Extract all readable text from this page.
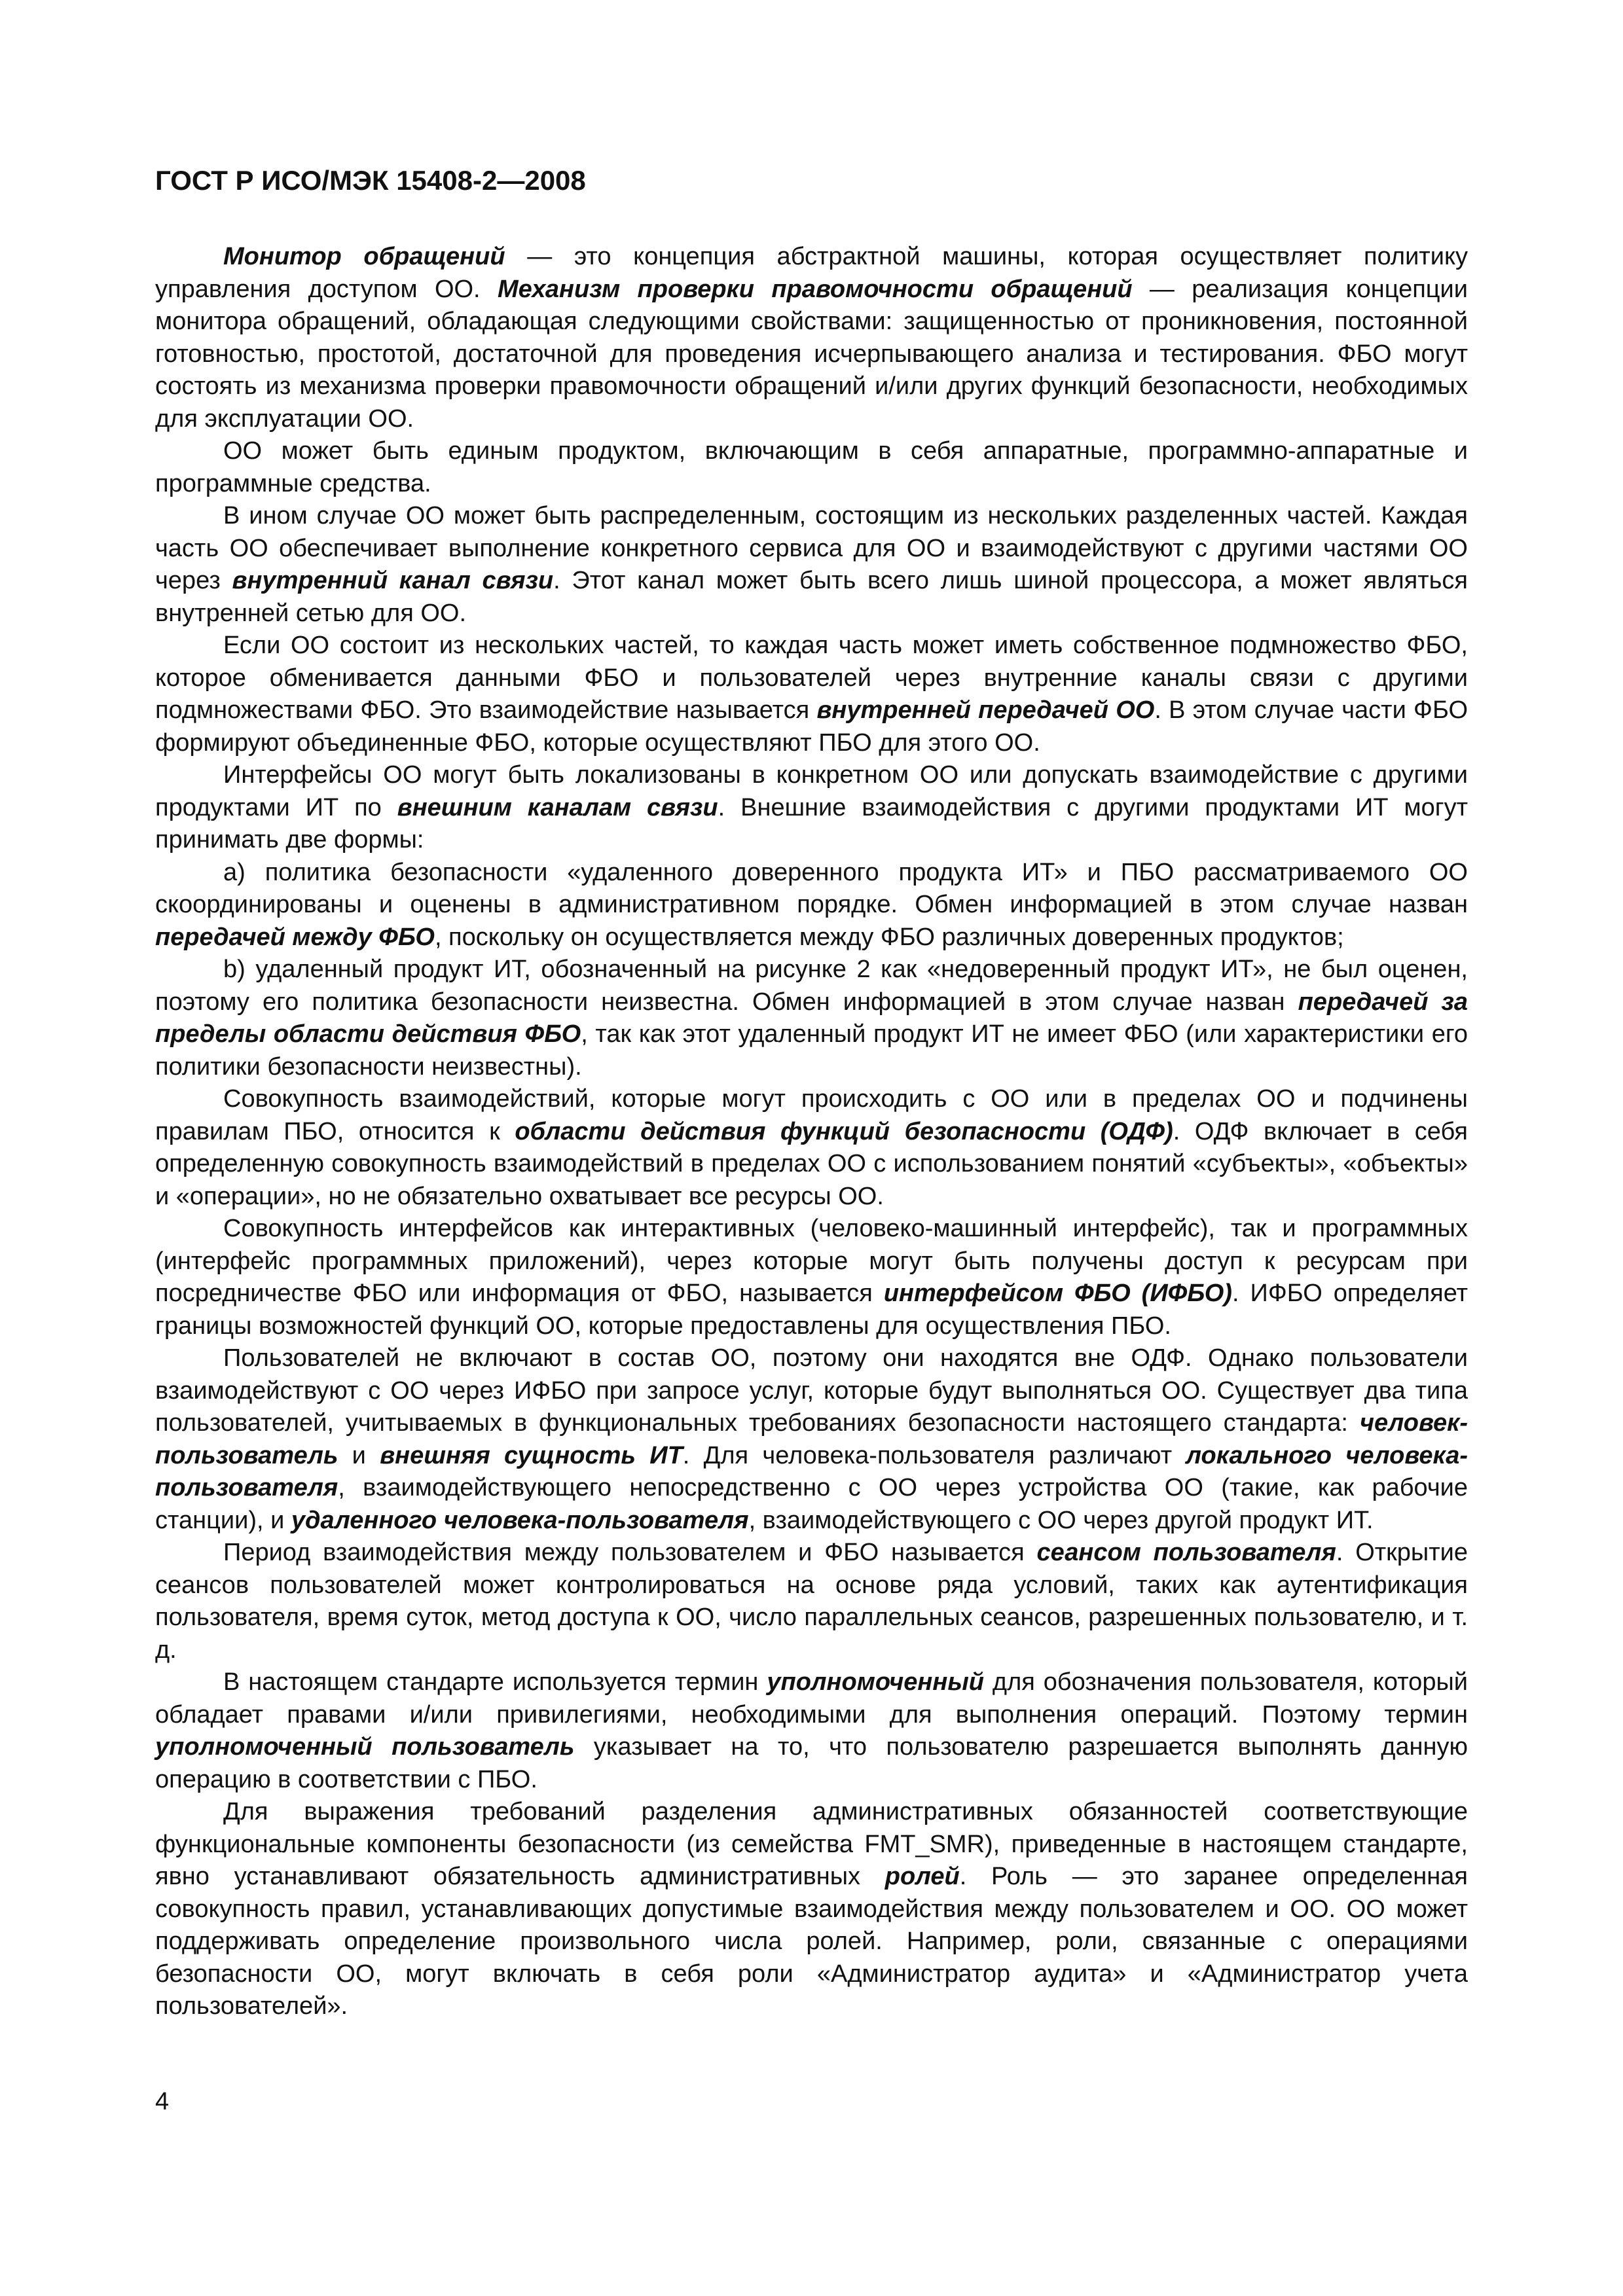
ГОСТ Р ИСО/МЭК 15408-2—2008

Монитор обращений — это концепция абстрактной машины, которая осуществляет политику управления доступом ОО. Механизм проверки правомочности обращений — реализация концепции монитора обращений, обладающая следующими свойствами: защищенностью от проникновения, постоянной готовностью, простотой, достаточной для проведения исчерпывающего анализа и тестирования. ФБО могут состоять из механизма проверки правомочности обращений и/или других функций безопасности, необходимых для эксплуатации ОО.

ОО может быть единым продуктом, включающим в себя аппаратные, программно-аппаратные и программные средства.

В ином случае ОО может быть распределенным, состоящим из нескольких разделенных частей. Каждая часть ОО обеспечивает выполнение конкретного сервиса для ОО и взаимодействуют с другими частями ОО через внутренний канал связи. Этот канал может быть всего лишь шиной процессора, а может являться внутренней сетью для ОО.

Если ОО состоит из нескольких частей, то каждая часть может иметь собственное подмножество ФБО, которое обменивается данными ФБО и пользователей через внутренние каналы связи с другими подмножествами ФБО. Это взаимодействие называется внутренней передачей ОО. В этом случае части ФБО формируют объединенные ФБО, которые осуществляют ПБО для этого ОО.

Интерфейсы ОО могут быть локализованы в конкретном ОО или допускать взаимодействие с другими продуктами ИТ по внешним каналам связи. Внешние взаимодействия с другими продуктами ИТ могут принимать две формы:

a) политика безопасности «удаленного доверенного продукта ИТ» и ПБО рассматриваемого ОО скоординированы и оценены в административном порядке. Обмен информацией в этом случае назван передачей между ФБО, поскольку он осуществляется между ФБО различных доверенных продуктов;

b) удаленный продукт ИТ, обозначенный на рисунке 2 как «недоверенный продукт ИТ», не был оценен, поэтому его политика безопасности неизвестна. Обмен информацией в этом случае назван передачей за пределы области действия ФБО, так как этот удаленный продукт ИТ не имеет ФБО (или характеристики его политики безопасности неизвестны).

Совокупность взаимодействий, которые могут происходить с ОО или в пределах ОО и подчинены правилам ПБО, относится к области действия функций безопасности (ОДФ). ОДФ включает в себя определенную совокупность взаимодействий в пределах ОО с использованием понятий «субъекты», «объекты» и «операции», но не обязательно охватывает все ресурсы ОО.

Совокупность интерфейсов как интерактивных (человеко-машинный интерфейс), так и программных (интерфейс программных приложений), через которые могут быть получены доступ к ресурсам при посредничестве ФБО или информация от ФБО, называется интерфейсом ФБО (ИФБО). ИФБО определяет границы возможностей функций ОО, которые предоставлены для осуществления ПБО.

Пользователей не включают в состав ОО, поэтому они находятся вне ОДФ. Однако пользователи взаимодействуют с ОО через ИФБО при запросе услуг, которые будут выполняться ОО. Существует два типа пользователей, учитываемых в функциональных требованиях безопасности настоящего стандарта: человек-пользователь и внешняя сущность ИТ. Для человека-пользователя различают локального человека-пользователя, взаимодействующего непосредственно с ОО через устройства ОО (такие, как рабочие станции), и удаленного человека-пользователя, взаимодействующего с ОО через другой продукт ИТ.

Период взаимодействия между пользователем и ФБО называется сеансом пользователя. Открытие сеансов пользователей может контролироваться на основе ряда условий, таких как аутентификация пользователя, время суток, метод доступа к ОО, число параллельных сеансов, разрешенных пользователю, и т. д.

В настоящем стандарте используется термин уполномоченный для обозначения пользователя, который обладает правами и/или привилегиями, необходимыми для выполнения операций. Поэтому термин уполномоченный пользователь указывает на то, что пользователю разрешается выполнять данную операцию в соответствии с ПБО.

Для выражения требований разделения административных обязанностей соответствующие функциональные компоненты безопасности (из семейства FMT_SMR), приведенные в настоящем стандарте, явно устанавливают обязательность административных ролей. Роль — это заранее определенная совокупность правил, устанавливающих допустимые взаимодействия между пользователем и ОО. ОО может поддерживать определение произвольного числа ролей. Например, роли, связанные с операциями безопасности ОО, могут включать в себя роли «Администратор аудита» и «Администратор учета пользователей».

4
